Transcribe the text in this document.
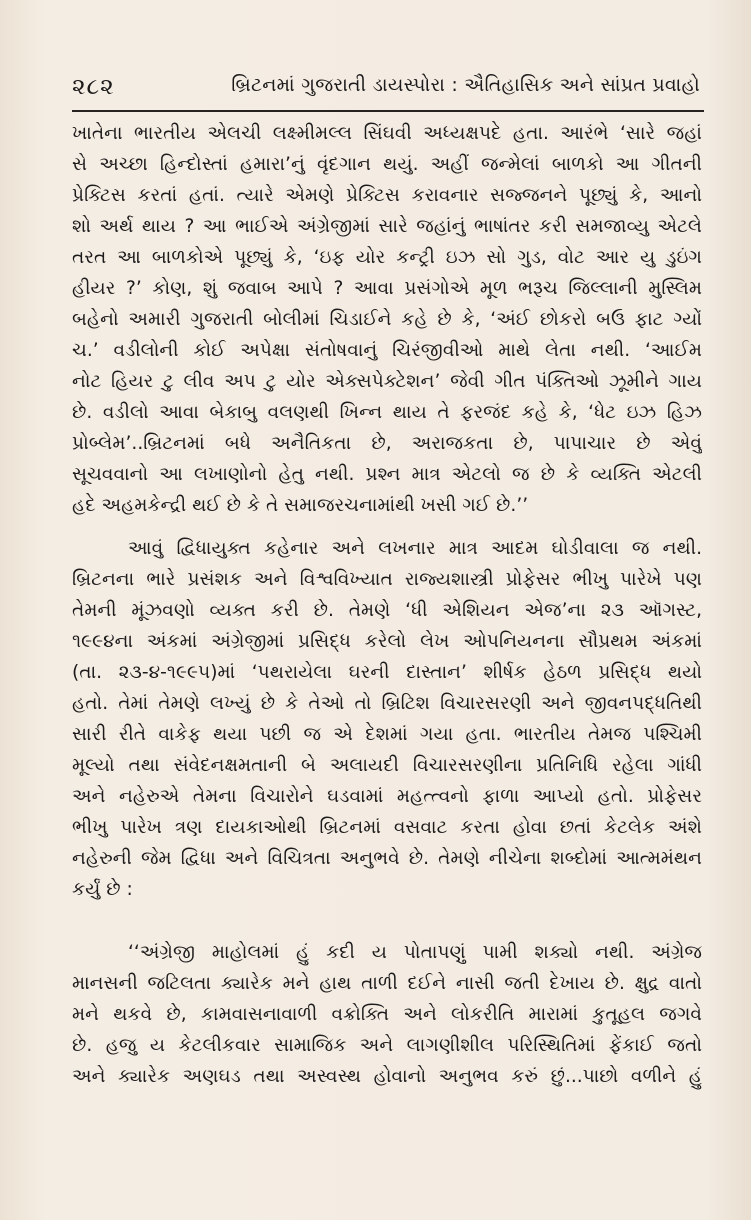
૨૮૨	બ્રિટનમાં ગુજરાતી ડાયસ્પોરા : ઐતિહાસિક અને સાંપ્રત પ્રવાહો
ખાતેના ભારતીય એલચી લક્ષ્મીમલ્લ સિંઘવી અધ્યક્ષપદે હતા. આરંભે ‘સારે જહાં
સે અચ્છા હિન્દોસ્તાં હમારા’નું વૃંદગાન થયું. અહીં જન્મેલાં બાળકો આ ગીતની
પ્રેક્ટિસ કરતાં હતાં. ત્યારે એમણે પ્રેક્ટિસ કરાવનાર સજ્જનને પૂછ્યું કે, આનો
શો અર્થ થાય ? આ ભાઈએ અંગ્રેજીમાં સારે જહાંનું ભાષાંતર કરી સમજાવ્યુ એટલે
તરત આ બાળકોએ પૂછ્યું કે, ‘ઇફ યોર કન્ટ્રી ઇઝ સો ગુડ, વોટ આર યુ ડુઇંગ
હીયર ?’ કોણ, શું જવાબ આપે ? આવા પ્રસંગોએ મૂળ ભરૂચ જિલ્લાની મુસ્લિમ
બહેનો અમારી ગુજરાતી બોલીમાં ચિડાઈને કહે છે કે, ‘અંઈ છોકરો બઉ ફાટ ગ્યોં
ચ.’ વડીલોની કોઈ અપેક્ષા સંતોષવાનું ચિરંજીવીઓ માથે લેતા નથી. ‘આઈમ
નોટ હિયર ટુ લીવ અપ ટુ યોર એક્સપેક્ટેશન’ જેવી ગીત પંક્તિઓ ઝૂમીને ગાય
છે. વડીલો આવા બેકાબુ વલણથી ખિન્ન થાય તે ફરજંદ કહે કે, ‘ધેટ ઇઝ હિઝ
પ્રોબ્લેમ’..બ્રિટનમાં બધે અનૈતિકતા છે, અરાજકતા છે, પાપાચાર છે એવું
સૂચવવાનો આ લખાણોનો હેતુ નથી. પ્રશ્ન માત્ર એટલો જ છે કે વ્યક્તિ એટલી
હદે અહમકેન્દ્રી થઈ છે કે તે સમાજરચનામાંથી ખસી ગઈ છે.’’
આવું દ્વિધાયુક્ત કહેનાર અને લખનાર માત્ર આદમ ઘોડીવાલા જ નથી.
બ્રિટનના ભારે પ્રસંશક અને વિશ્વવિખ્યાત રાજ્યશાસ્ત્રી પ્રોફેસર ભીખુ પારેખે પણ
તેમની મૂંઝવણો વ્યક્ત કરી છે. તેમણે ‘ધી એશિયન એજ’ના ૨૩ ઑગસ્ટ,
૧૯૯૪ના અંકમાં અંગ્રેજીમાં પ્રસિદ્ધ કરેલો લેખ ઓપનિયનના સૌપ્રથમ અંકમાં
(તા. ૨૩-૪-૧૯૯૫)માં ‘પથરાયેલા ઘરની દાસ્તાન’ શીર્ષક હેઠળ પ્રસિદ્ધ થયો
હતો. તેમાં તેમણે લખ્યું છે કે તેઓ તો બ્રિટિશ વિચારસરણી અને જીવનપદ્ધતિથી
સારી રીતે વાકેફ થયા પછી જ એ દેશમાં ગયા હતા. ભારતીય તેમજ પશ્ચિમી
મૂલ્યો તથા સંવેદનક્ષમતાની બે અલાયદી વિચારસરણીના પ્રતિનિધિ રહેલા ગાંધી
અને નહેરુએ તેમના વિચારોને ઘડવામાં મહત્ત્વનો ફાળા આપ્યો હતો. પ્રોફેસર
ભીખુ પારેખ ત્રણ દાયકાઓથી બ્રિટનમાં વસવાટ કરતા હોવા છતાં કેટલેક અંશે
નહેરુની જેમ દ્વિધા અને વિચિત્રતા અનુભવે છે. તેમણે નીચેના શબ્દોમાં આત્મમંથન
કર્યું છે :
‘‘અંગ્રેજી માહોલમાં હું કદી ય પોતાપણું પામી શક્યો નથી. અંગ્રેજ
માનસની જટિલતા ક્યારેક મને હાથ તાળી દઈને નાસી જતી દેખાય છે. ક્ષુદ્ર વાતો
મને થકવે છે, કામવાસનાવાળી વક્રોક્તિ અને લોકરીતિ મારામાં કુતૂહલ જગવે
છે. હજુ ય કેટલીકવાર સામાજિક અને લાગણીશીલ પરિસ્થિતિમાં ફેંકાઈ જતો
અને ક્યારેક અણઘડ તથા અસ્વસ્થ હોવાનો અનુભવ કરું છું...પાછો વળીને હું
